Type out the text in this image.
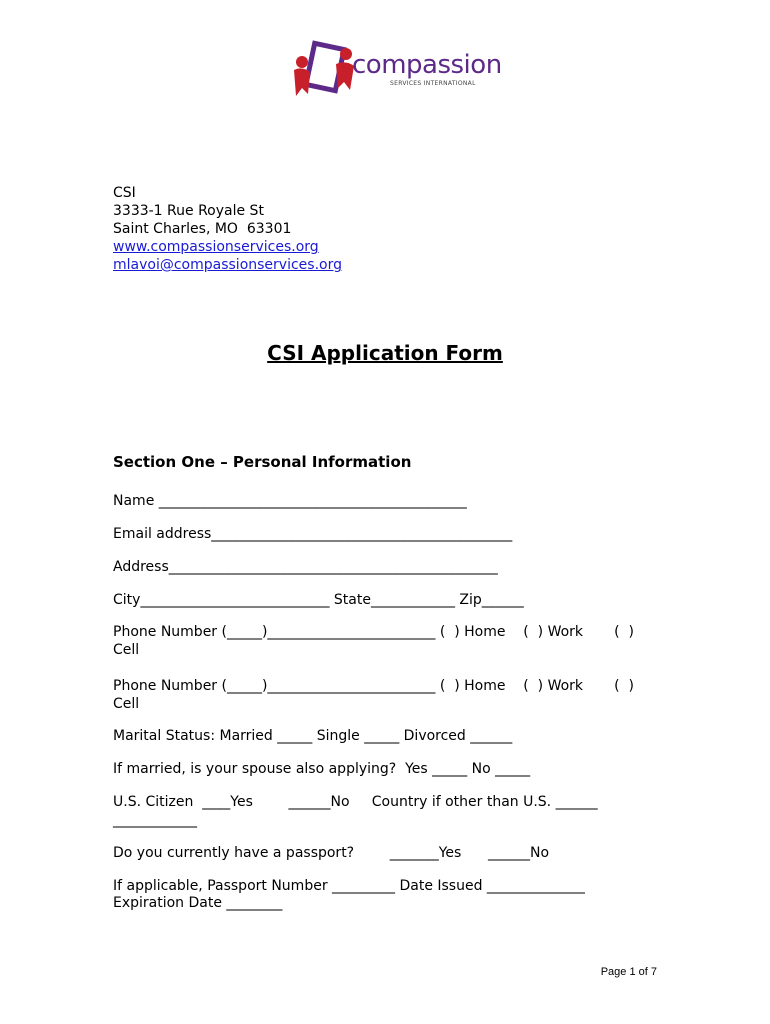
compassion
SERVICES INTERNATIONAL
CSI
3333-1 Rue Royale St
Saint Charles, MO  63301
www.compassionservices.org
mlavoi@compassionservices.org
CSI Application Form
Section One – Personal Information
Name ____________________________________________
Email address___________________________________________
Address_______________________________________________
City___________________________ State____________ Zip______
Phone Number (_____)________________________ (  ) Home    (  ) Work       (  )
Cell
Phone Number (_____)________________________ (  ) Home    (  ) Work       (  )
Cell
Marital Status: Married _____ Single _____ Divorced ______
If married, is your spouse also applying?  Yes _____ No _____
U.S. Citizen  ____Yes        ______No     Country if other than U.S. ______
____________
Do you currently have a passport?        _______Yes      ______No
If applicable, Passport Number _________ Date Issued ______________
Expiration Date ________
Page 1 of 7
